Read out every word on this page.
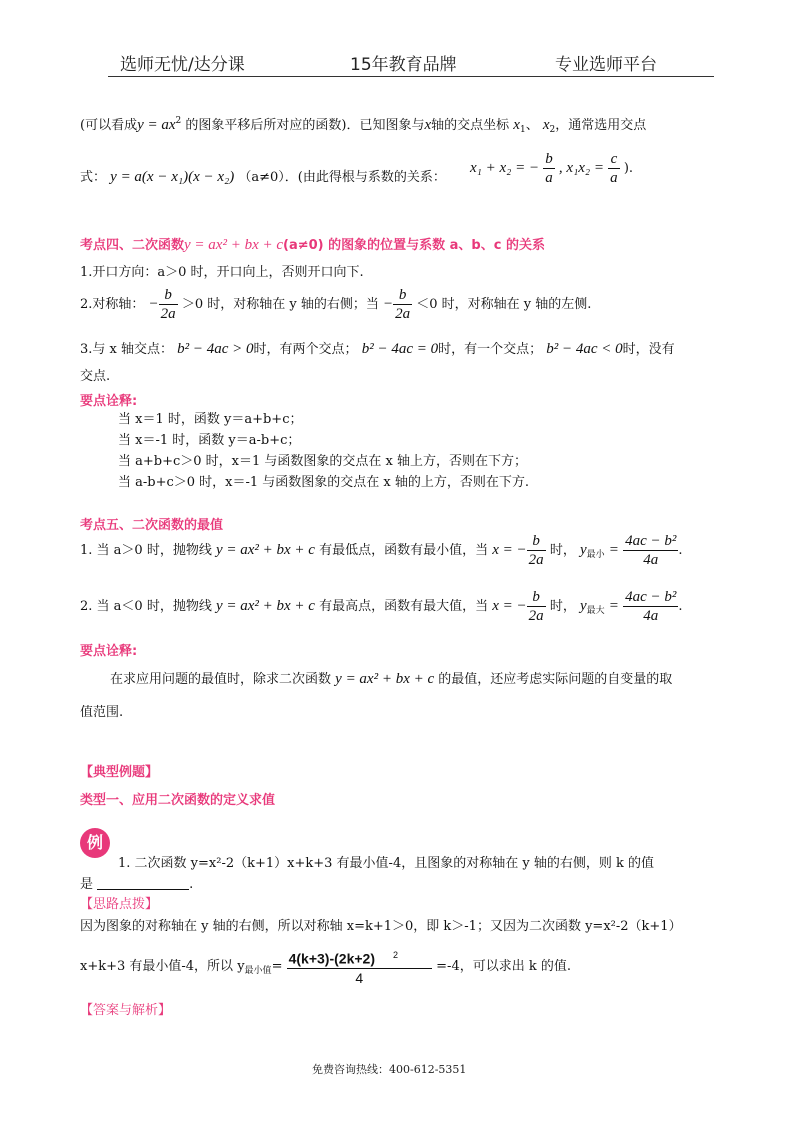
选师无忧/达分课	15年教育品牌	专业选师平台
(可以看成$y = ax^2$ 的图象平移后所对应的函数)．已知图象与x轴的交点坐标 $x_1$、 $x_2$，通常选用交点
式： y = a(x − x₁)(x − x₂) （a≠0）．(由此得根与系数的关系：
x₁ + x₂ = − $\frac{b}{a}$ , $x_1x_2 = \frac{c}{a}$ ).
考点四、二次函数y = ax² + bx + c(a≠0) 的图象的位置与系数 a、b、c 的关系
1.开口方向：a＞0 时，开口向上，否则开口向下.
2.对称轴： − $\frac{b}{2a} >0$ 时，对称轴在 y 轴的右侧；当 − $\frac{b}{2a} <0$ 时，对称轴在 y 轴的左侧.
3.与 x 轴交点： b² − 4ac > 0时，有两个交点； b² − 4ac = 0时，有一个交点； b² − 4ac < 0时，没有
交点.
要点诠释:
当 x＝1 时，函数 y＝a+b+c；
当 x＝-1 时，函数 y＝a-b+c；
当 a+b+c＞0 时，x＝1 与函数图象的交点在 x 轴上方，否则在下方；
当 a-b+c＞0 时，x＝-1 与函数图象的交点在 x 轴的上方，否则在下方.
考点五、二次函数的最值
1. 当 a＞0 时，抛物线 y = ax² + bx + c 有最低点，函数有最小值，当 x = − $\frac{b}{2a}$ 时， $y_{最小} = \frac{\text{4ac − b²}}{4a}$ .
2. 当 a＜0 时，抛物线 y = ax² + bx + c 有最高点，函数有最大值，当 x = − $\frac{b}{2a}$ 时， $y_{最大} = \frac{\text{4ac − b²}}{4a}$ .
要点诠释:
在求应用问题的最值时，除求二次函数 y = ax² + bx + c 的最值，还应考虑实际问题的自变量的取
值范围.
【典型例题】
类型一、应用二次函数的定义求值
例
1. 二次函数 y=x²-2（k+1）x+k+3 有最小值-4，且图象的对称轴在 y 轴的右侧，则 k 的值
是	.
【思路点拨】
因为图象的对称轴在 y 轴的右侧，所以对称轴 x=k+1＞0，即 k＞-1；又因为二次函数 y=x²-2（k+1）
x+k+3 有最小值-4，所以 $y_{最小值}= \frac{4(k+3)-(2k+2) ^2}{4} =-4$，可以求出 k 的值.
【答案与解析】
免费咨询热线：400-612-5351
